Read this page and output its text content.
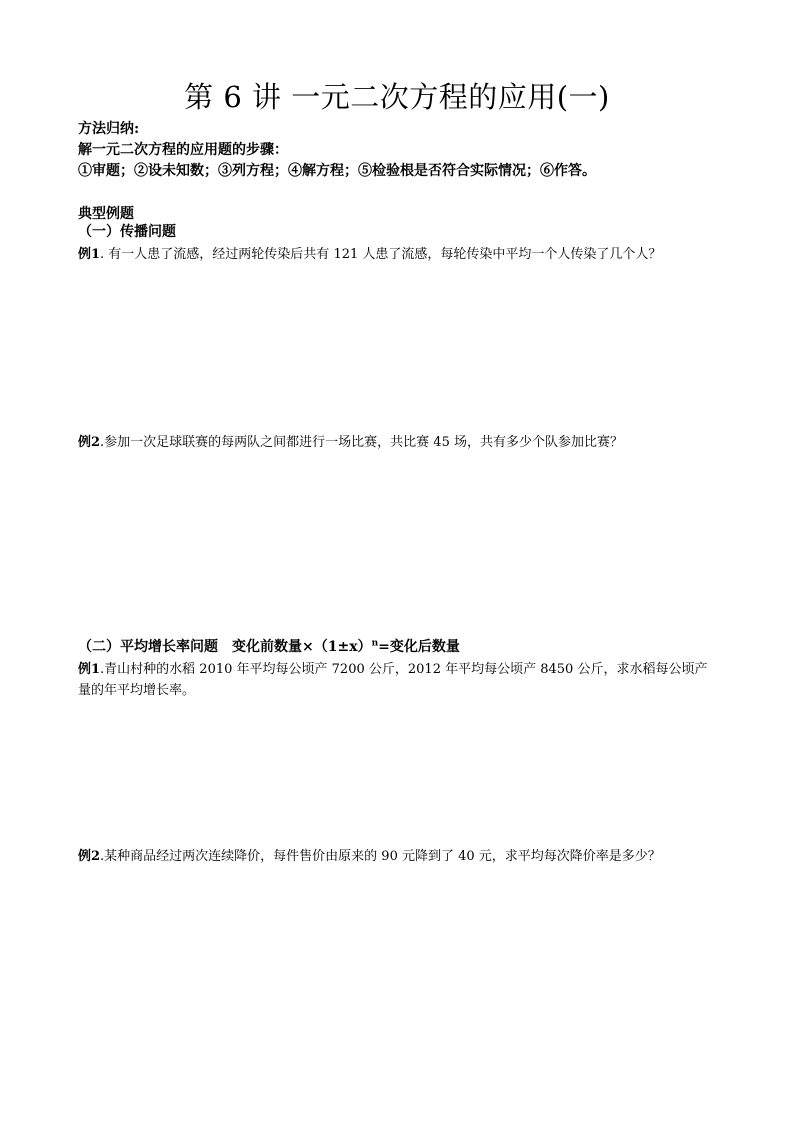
第 6 讲 一元二次方程的应用(一)

方法归纳:

解一元二次方程的应用题的步骤：

①审题；②设未知数；③列方程；④解方程；⑤检验根是否符合实际情况；⑥作答。

典型例题

（一）传播问题

例1. 有一人患了流感，经过两轮传染后共有 121 人患了流感，每轮传染中平均一个人传染了几个人？

例2.参加一次足球联赛的每两队之间都进行一场比赛，共比赛 45 场，共有多少个队参加比赛？

（二）平均增长率问题 变化前数量$\times(1\pm x)^n=$变化后数量

例1.青山村种的水稻 2010 年平均每公顷产 7200 公斤，2012 年平均每公顷产 8450 公斤，求水稻每公顷产量的年平均增长率。

例2.某种商品经过两次连续降价，每件售价由原来的 90 元降到了 40 元，求平均每次降价率是多少？
